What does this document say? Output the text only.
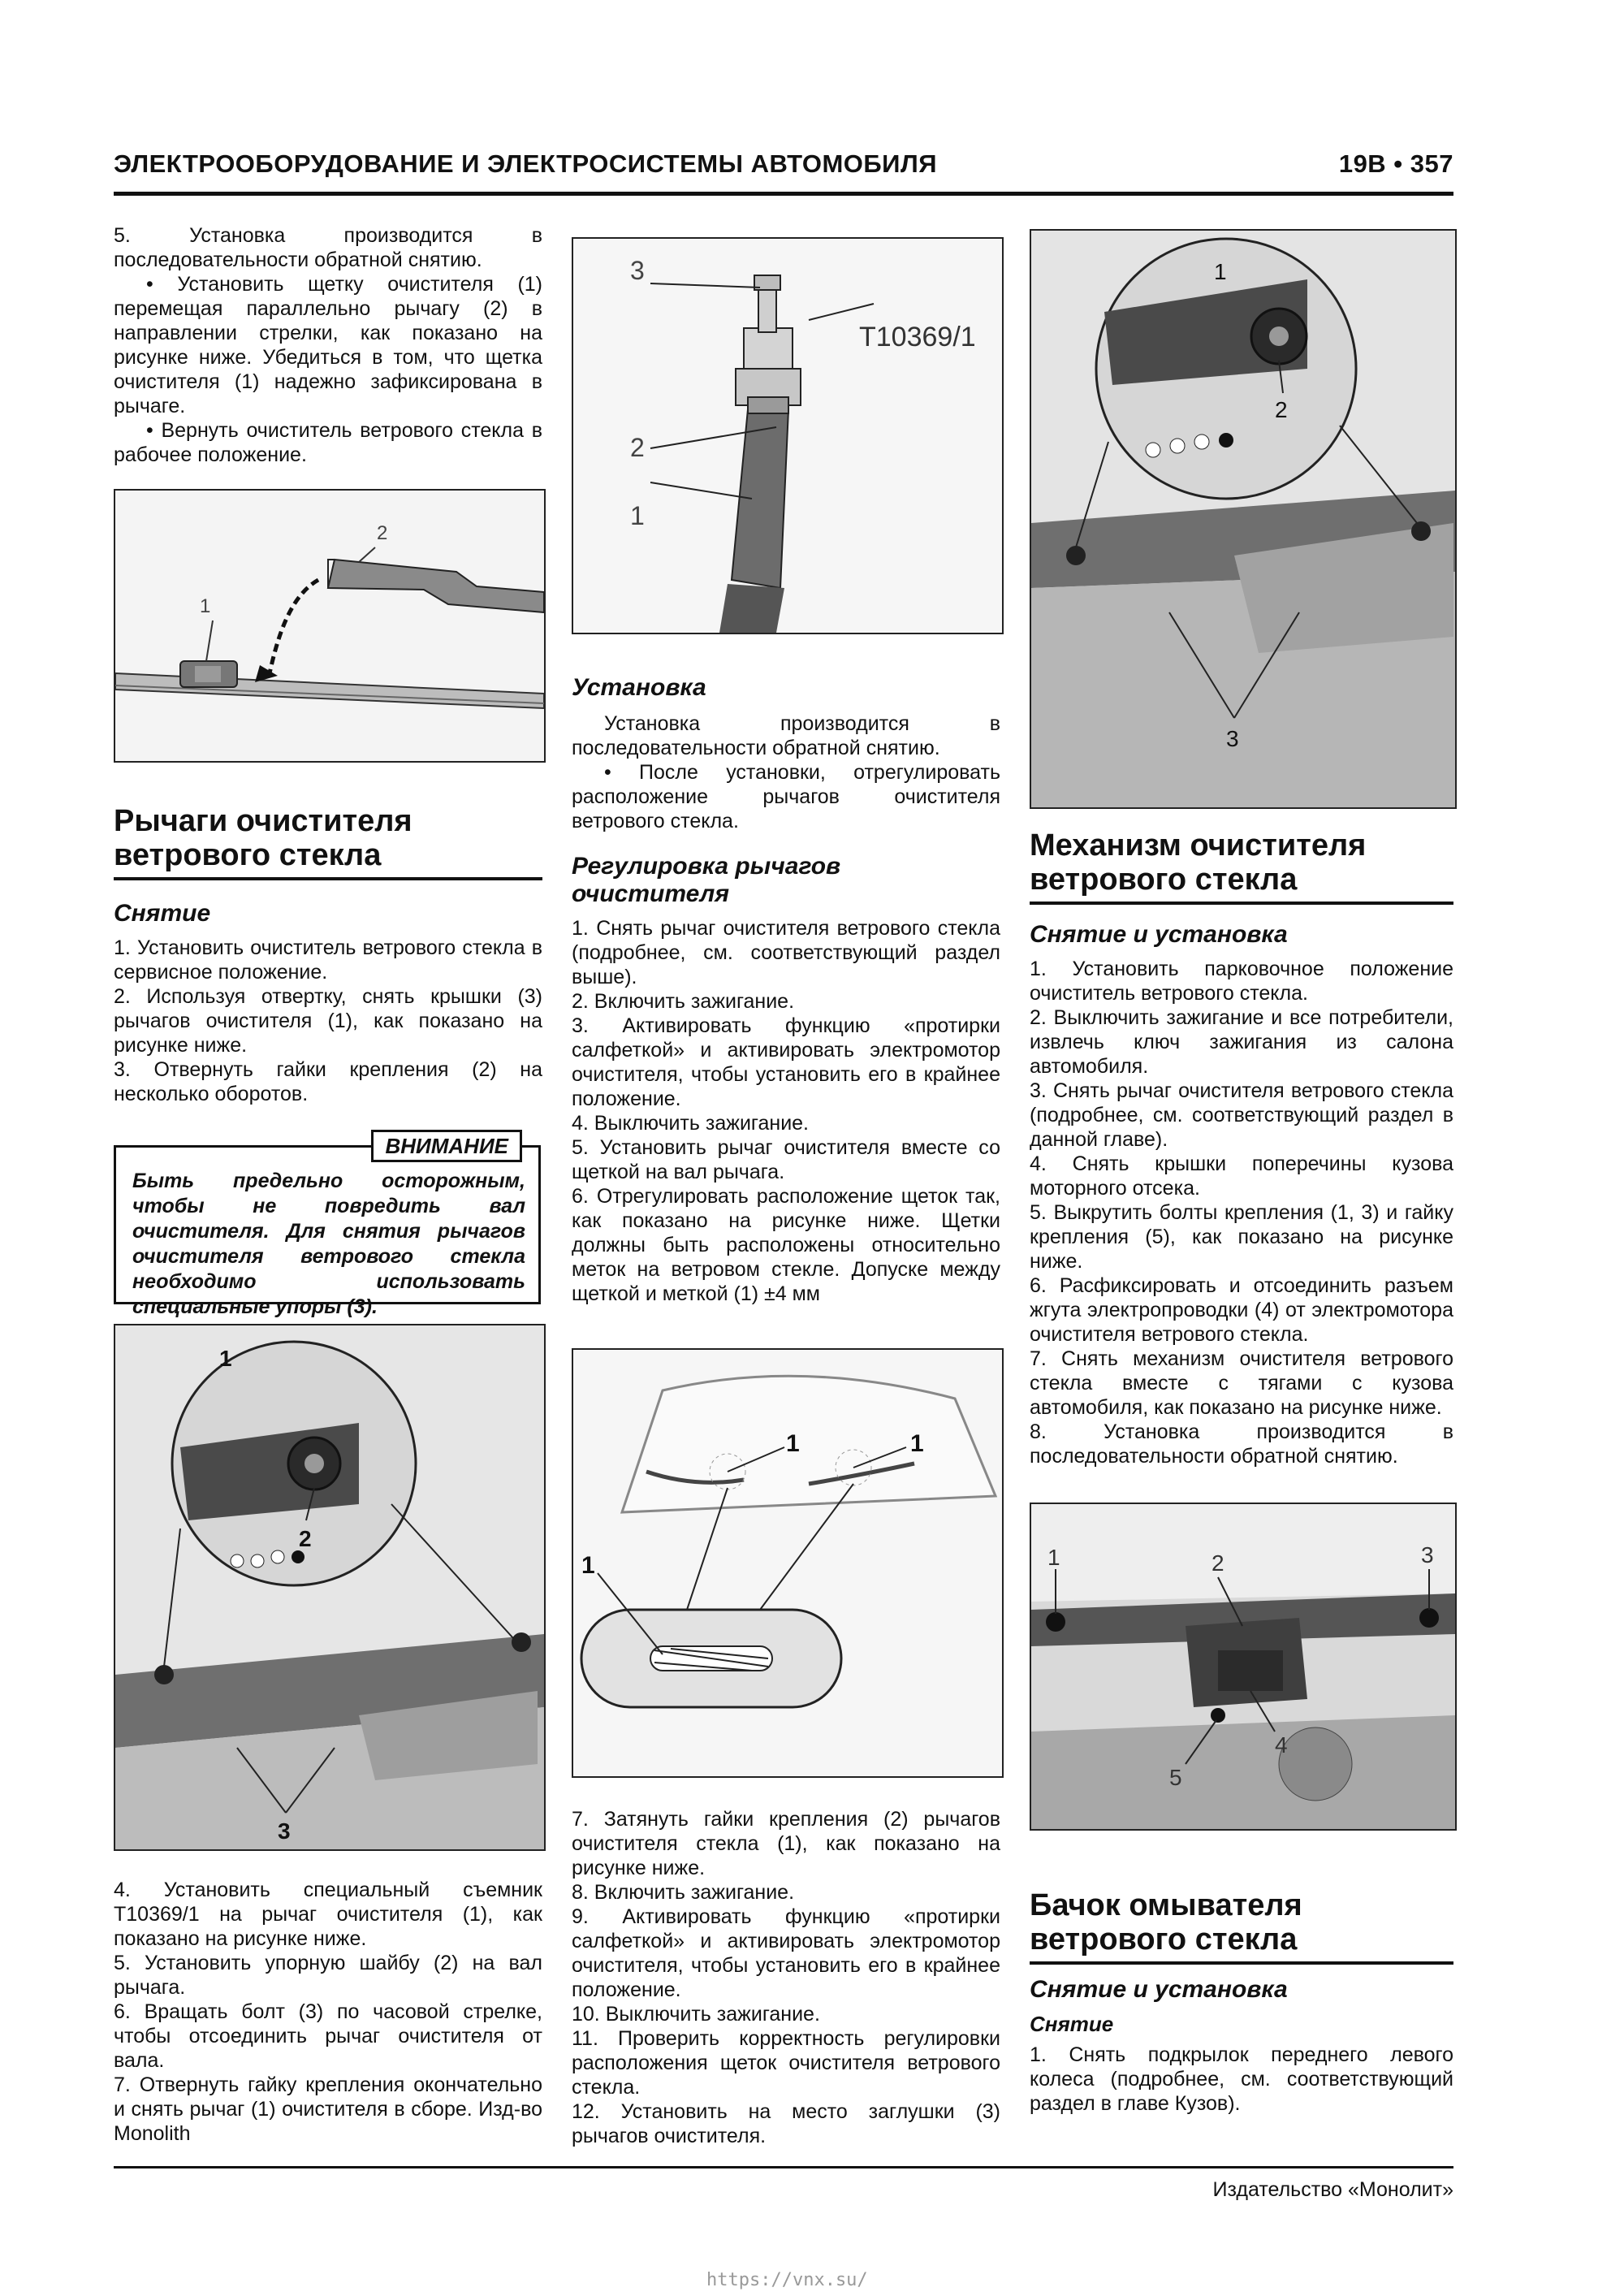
ЭЛЕКТРООБОРУДОВАНИЕ И ЭЛЕКТРОСИСТЕМЫ АВТОМОБИЛЯ	19В • 357

5. Установка производится в последовательности обратной снятию.

• Установить щетку очистителя (1) перемещая параллельно рычагу (2) в направлении стрелки, как показано на рисунке ниже. Убедиться в том, что щетка очистителя (1) надежно зафиксирована в рычаге.

• Вернуть очиститель ветрового стекла в рабочее положение.

1
2
Рычаги очистителя ветрового стекла
Снятие

1. Установить очиститель ветрового стекла в сервисное положение.

2. Используя отвертку, снять крышки (3) рычагов очистителя (1), как показано на рисунке ниже.

3. Отвернуть гайки крепления (2) на несколько оборотов.

ВНИМАНИЕ
Быть предельно осторожным, чтобы не повредить вал очистителя. Для снятия рычагов очистителя ветрового стекла необходимо использовать специальные упоры (3).
1
2
3

4. Установить специальный съемник T10369/1 на рычаг очистителя (1), как показано на рисунке ниже.

5. Установить упорную шайбу (2) на вал рычага.

6. Вращать болт (3) по часовой стрелке, чтобы отсоединить рычаг очистителя от вала.

7. Отвернуть гайку крепления окончательно и снять рычаг (1) очистителя в сборе. Изд-во Monolith

3
2
1
T10369/1
Установка

Установка производится в последовательности обратной снятию.

• После установки, отрегулировать расположение рычагов очистителя ветрового стекла.

Регулировка рычагов очистителя

1. Снять рычаг очистителя ветрового стекла (подробнее, см. соответствующий раздел выше).

2. Включить зажигание.

3. Активировать функцию «протирки салфеткой» и активировать электромотор очистителя, чтобы установить его в крайнее положение.

4. Выключить зажигание.

5. Установить рычаг очистителя вместе со щеткой на вал рычага.

6. Отрегулировать расположение щеток так, как показано на рисунке ниже. Щетки должны быть расположены относительно меток на ветровом стекле. Допуске между щеткой и меткой (1) ±4 мм

1	1
1

7. Затянуть гайки крепления (2) рычагов очистителя стекла (1), как показано на рисунке ниже.

8. Включить зажигание.

9. Активировать функцию «протирки салфеткой» и активировать электромотор очистителя, чтобы установить его в крайнее положение.

10. Выключить зажигание.

11. Проверить корректность регулировки расположения щеток очистителя ветрового стекла.

12. Установить на место заглушки (3) рычагов очистителя.

1
2
3
Механизм очистителя ветрового стекла
Снятие и установка

1. Установить парковочное положение очиститель ветрового стекла.

2. Выключить зажигание и все потребители, извлечь ключ зажигания из салона автомобиля.

3. Снять рычаг очистителя ветрового стекла (подробнее, см. соответствующий раздел в данной главе).

4. Снять крышки поперечины кузова моторного отсека.

5. Выкрутить болты крепления (1, 3) и гайку крепления (5), как показано на рисунке ниже.

6. Расфиксировать и отсоединить разъем жгута электропроводки (4) от электромотора очистителя ветрового стекла.

7. Снять механизм очистителя ветрового стекла вместе с тягами с кузова автомобиля, как показано на рисунке ниже.

8. Установка производится в последовательности обратной снятию.

1	2	3
4
5
Бачок омывателя ветрового стекла
Снятие и установка
Снятие

1. Снять подкрылок переднего левого колеса (подробнее, см. соответствующий раздел в главе Кузов).

Издательство «Монолит»
https://vnx.su/
